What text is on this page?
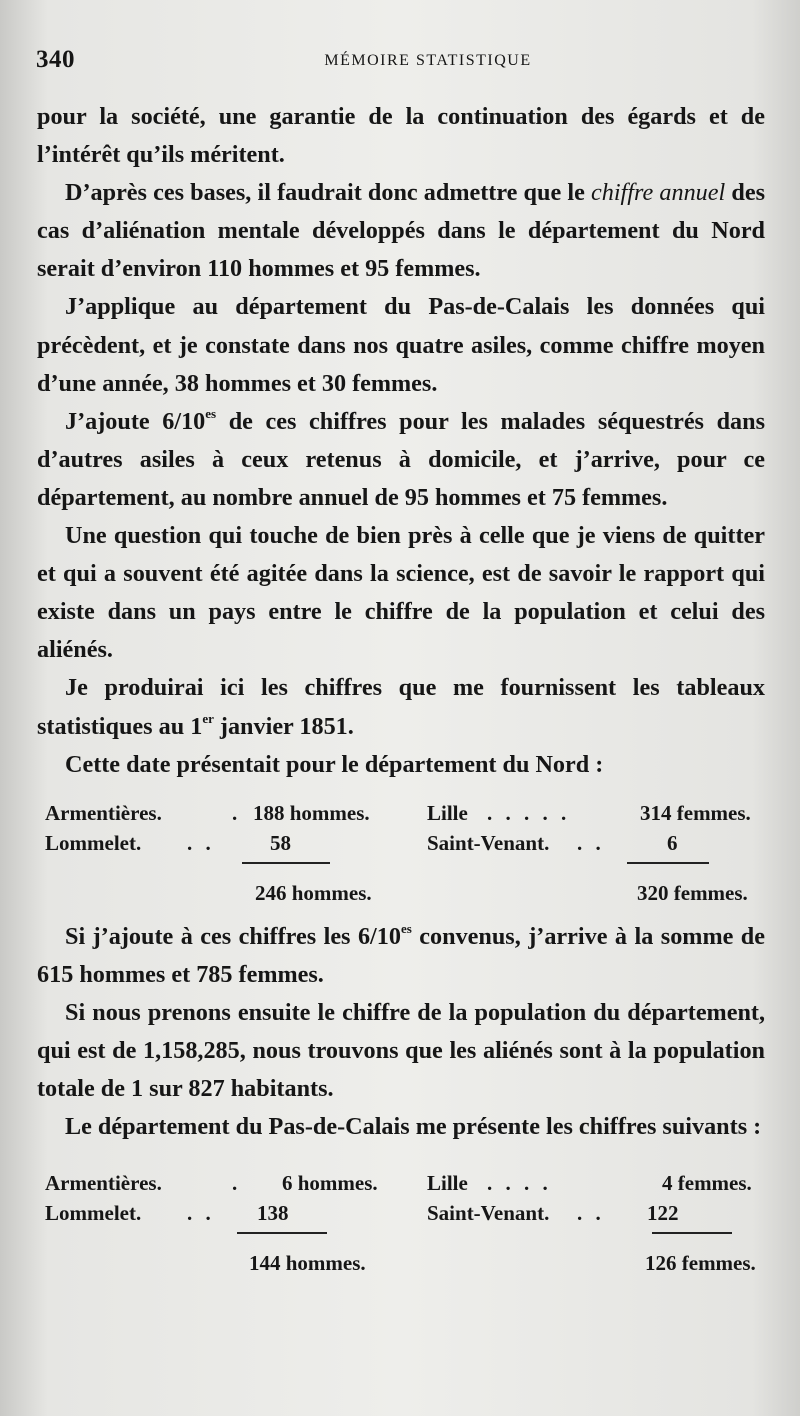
340	MÉMOIRE STATISTIQUE

pour la société, une garantie de la continuation des égards et de l’intérêt qu’ils méritent.

D’après ces bases, il faudrait donc admettre que le chiffre annuel des cas d’aliénation mentale développés dans le département du Nord serait d’environ 110 hommes et 95 femmes.

J’applique au département du Pas-de-Calais les données qui précèdent, et je constate dans nos quatre asiles, comme chiffre moyen d’une année, 38 hommes et 30 femmes.

J’ajoute $6/10^{es}$ de ces chiffres pour les malades séquestrés dans d’autres asiles à ceux retenus à domicile, et j’arrive, pour ce département, au nombre annuel de 95 hommes et 75 femmes.

Une question qui touche de bien près à celle que je viens de quitter et qui a souvent été agitée dans la science, est de savoir le rapport qui existe dans un pays entre le chiffre de la population et celui des aliénés.

Je produirai ici les chiffres que me fournissent les tableaux statistiques au 1er janvier 1851.

Cette date présentait pour le département du Nord :

Armentières.	. 188 hommes.	Lille . . . . .	314 femmes.
Lommelet. . .	58	Saint-Venant. . .	6
246 hommes.	320 femmes.

Si j’ajoute à ces chiffres les $6/10^{es}$ convenus, j’arrive à la somme de 615 hommes et 785 femmes.

Si nous prenons ensuite le chiffre de la population du département, qui est de 1,158,285, nous trouvons que les aliénés sont à la population totale de 1 sur 827 habitants.

Le département du Pas-de-Calais me présente les chiffres suivants :

Armentières.	. 6 hommes. Lille . . . .	4 femmes.
Lommelet. . . 138	Saint-Venant. . . 122
144 hommes.	126 femmes.
